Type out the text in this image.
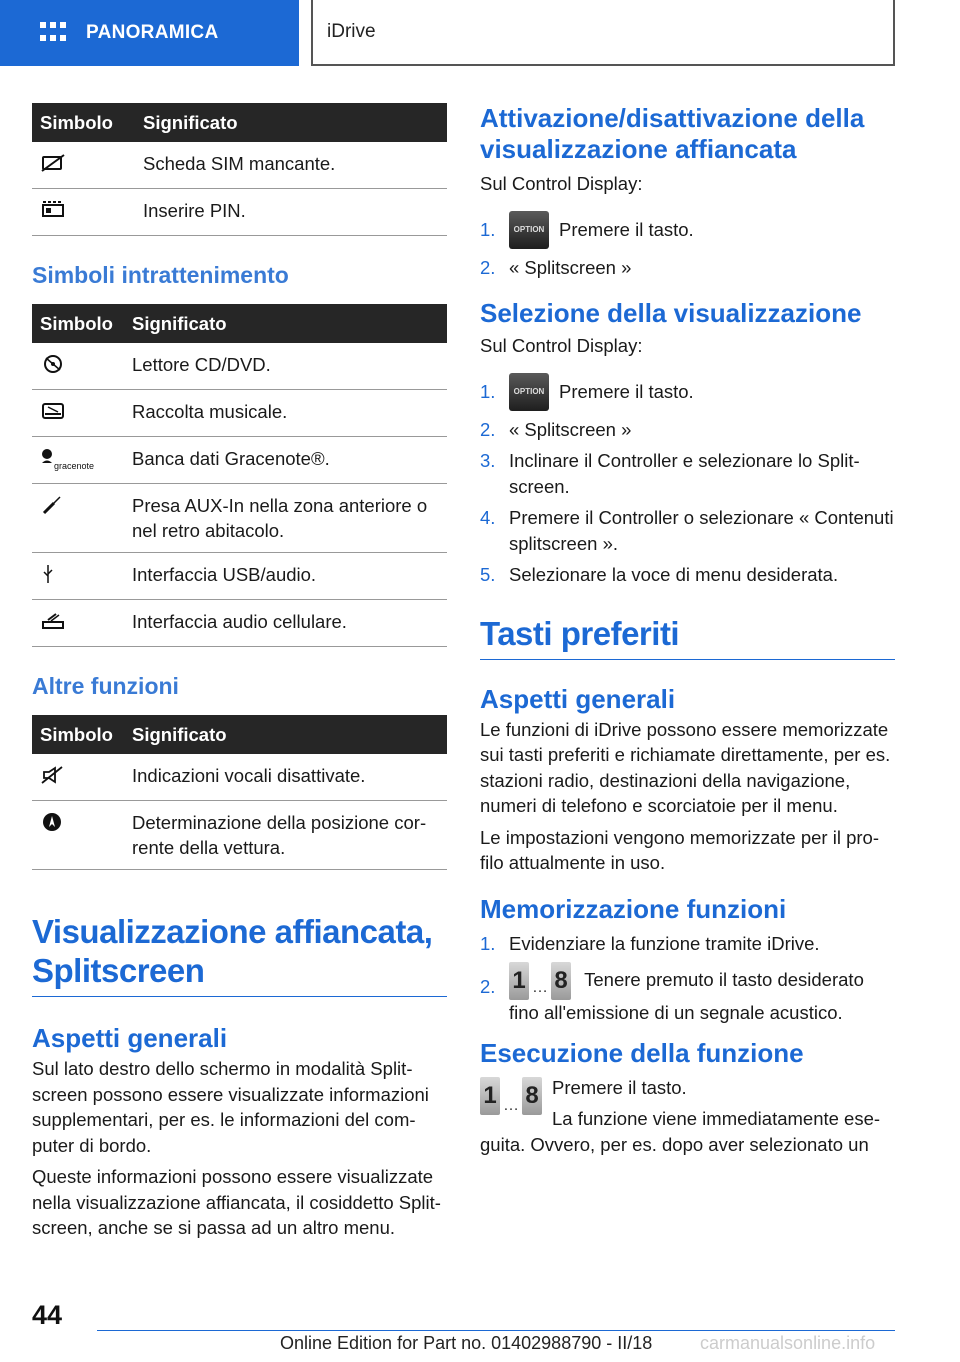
PANORAMICA	iDrive
Simbolo	Significato
	Scheda SIM mancante.
	Inserire PIN.
Simboli intrattenimento
Simbolo	Significato
	Lettore CD/DVD.
	Raccolta musicale.

gracenote	Banca dati Gracenote®.
	Presa AUX-In nella zona anteriore o nel retro abitacolo.
	Interfaccia USB/audio.
	Interfaccia audio cellulare.
Altre funzioni
Simbolo	Significato
	Indicazioni vocali disattivate.
	Determinazione della posizione corrente della vettura.
Visualizzazione affiancata, Splitscreen
Aspetti generali

Sul lato destro dello schermo in modalità Splitscreen possono essere visualizzate informazioni supplementari, per es. le informazioni del computer di bordo.

Queste informazioni possono essere visualizzate nella visualizzazione affiancata, il cosiddetto Splitscreen, anche se si passa ad un altro menu.

Attivazione/disattivazione della visualizzazione affiancata

Sul Control Display:

1.	OPTION Premere il tasto.
2. « Splitscreen »
Selezione della visualizzazione

Sul Control Display:

1.	OPTION Premere il tasto.
2. « Splitscreen »
3. Inclinare il Controller e selezionare lo Splitscreen.
4. Premere il Controller o selezionare « Contenuti splitscreen ».
5. Selezionare la voce di menu desiderata.
Tasti preferiti
Aspetti generali

Le funzioni di iDrive possono essere memorizzate sui tasti preferiti e richiamate direttamente, per es. stazioni radio, destinazioni della navigazione, numeri di telefono e scorciatoie per il menu.

Le impostazioni vengono memorizzate per il profilo attualmente in uso.

Memorizzazione funzioni
1. Evidenziare la funzione tramite iDrive.
2. 1 … 8 Tenere premuto il tasto desiderato fino all'emissione di un segnale acustico.
Esecuzione della funzione
1 … 8 Premere il tasto.

La funzione viene immediatamente eseguita. Ovvero, per es. dopo aver selezionato un

44
Online Edition for Part no. 01402988790 - II/18	carmanualsonline.info
